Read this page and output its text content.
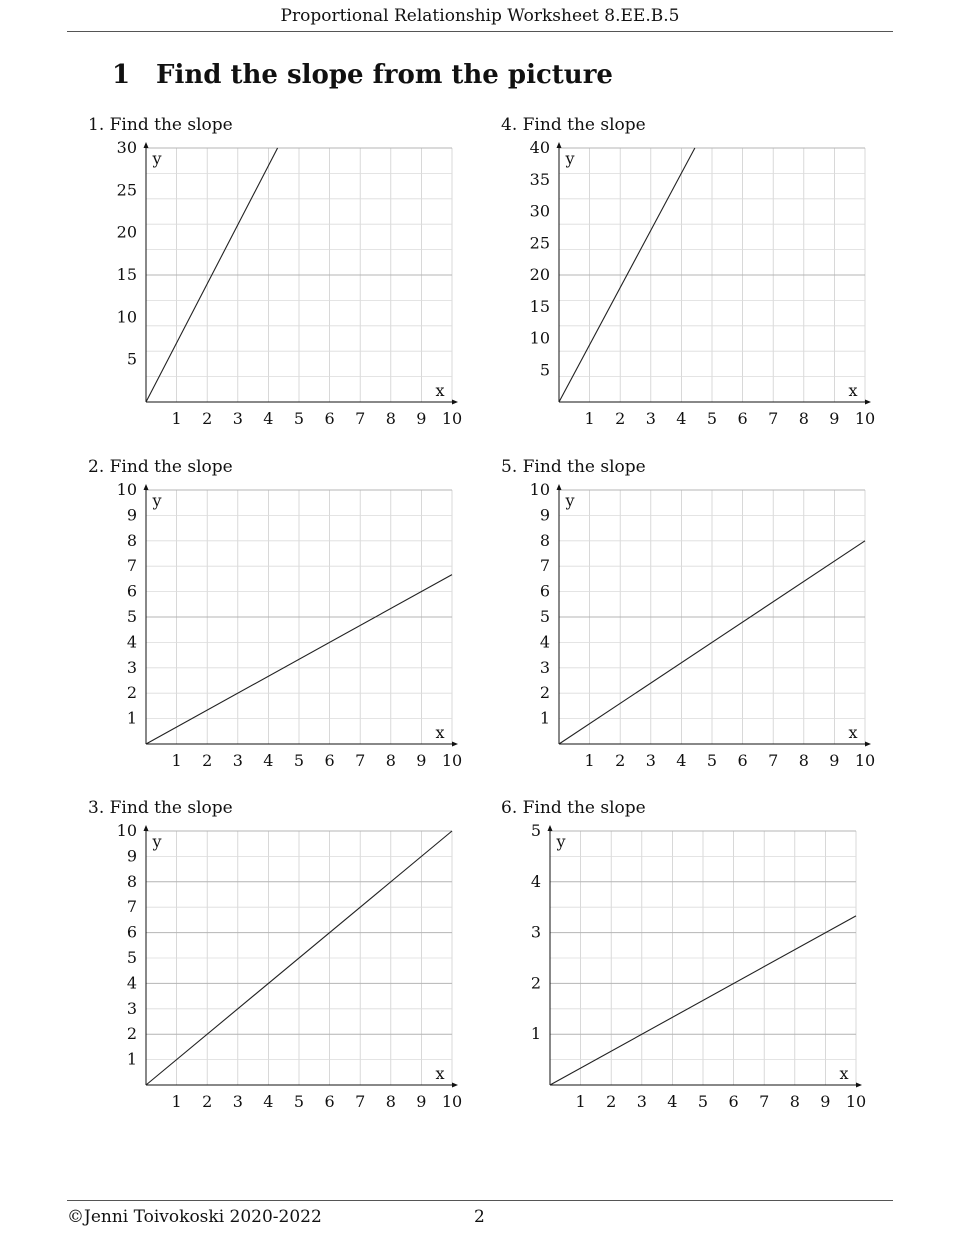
Proportional Relationship Worksheet 8.EE.B.5
1 Find the slope from the picture
1. Find the slope
x
y
1 2 3 4 5 6 7 8 9 10
5
10
15
20
25
30
2. Find the slope
x
y
1 2 3 4 5 6 7 8 9 10
1
2
3
4
5
6
7
8
9
10
3. Find the slope
x
y
1 2 3 4 5 6 7 8 9 10
1
2
3
4
5
6
7
8
9
10
4. Find the slope
x
y
1 2 3 4 5 6 7 8 9 10
5
10
15
20
25
30
35
40
5. Find the slope
x
y
1 2 3 4 5 6 7 8 9 10
1
2
3
4
5
6
7
8
9
10
6. Find the slope
x
y
1 2 3 4 5 6 7 8 9 10
1
2
3
4
5
©Jenni Toivokoski 2020-2022	2
